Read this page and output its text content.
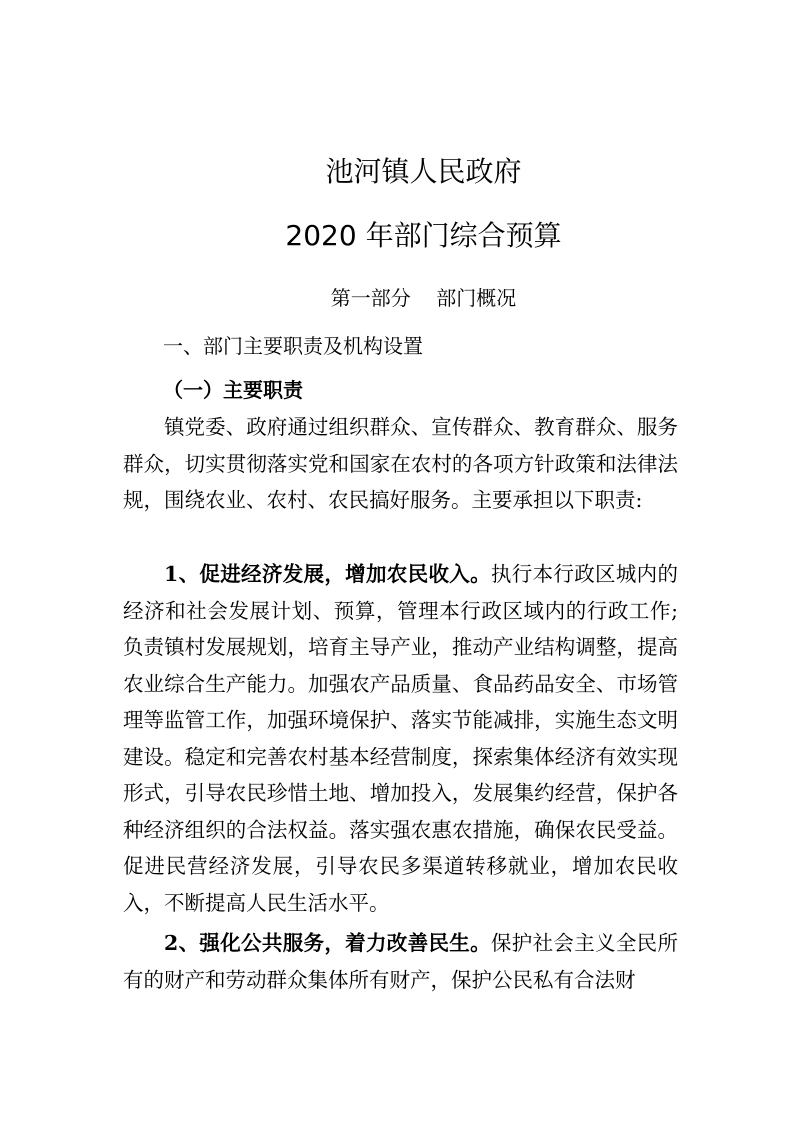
池河镇人民政府
2020 年部门综合预算
第一部分    部门概况
一、部门主要职责及机构设置
（一）主要职责

镇党委、政府通过组织群众、宣传群众、教育群众、服务群众，切实贯彻落实党和国家在农村的各项方针政策和法律法规，围绕农业、农村、农民搞好服务。主要承担以下职责:

1、促进经济发展，增加农民收入。执行本行政区城内的经济和社会发展计划、预算，管理本行政区域内的行政工作; 负责镇村发展规划，培育主导产业，推动产业结构调整，提高农业综合生产能力。加强农产品质量、食品药品安全、市场管理等监管工作，加强环境保护、落实节能减排，实施生态文明建设。稳定和完善农村基本经营制度，探索集体经济有效实现形式，引导农民珍惜土地、增加投入，发展集约经营，保护各种经济组织的合法权益。落实强农惠农措施，确保农民受益。促进民营经济发展，引导农民多渠道转移就业，增加农民收入，不断提高人民生活水平。

2、强化公共服务，着力改善民生。保护社会主义全民所有的财产和劳动群众集体所有财产，保护公民私有合法财
